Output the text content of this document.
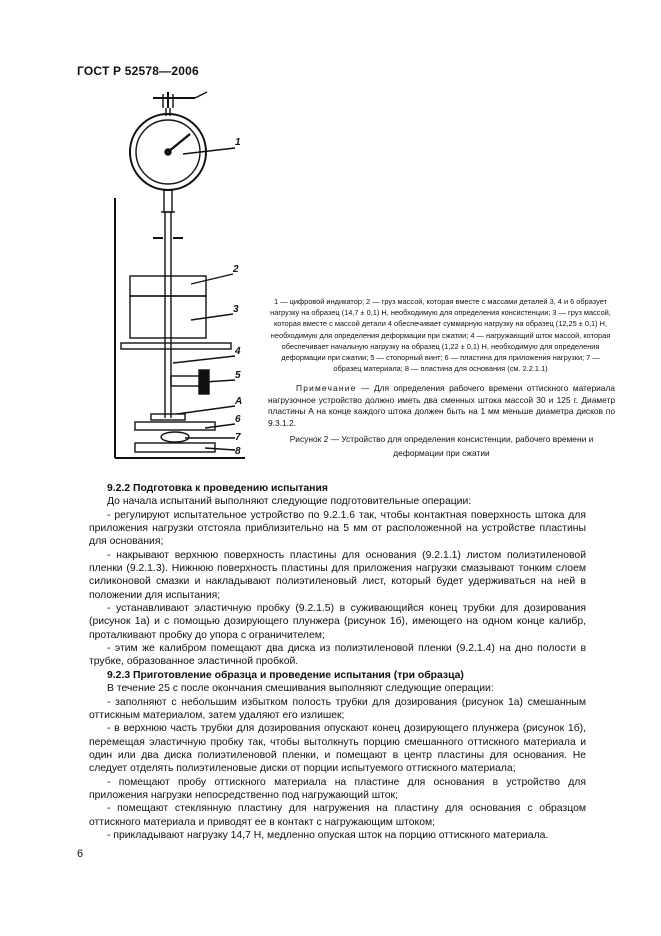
ГОСТ Р 52578—2006
1
2
3
4
5
А
6
7
8
1 — цифровой индикатор; 2 — груз массой, которая вместе с массами деталей 3, 4 и 6 образует нагрузку на образец (14,7 ± 0,1) Н, необходимую для определения консистенции; 3 — груз массой, которая вместе с массой детали 4 обеспечивает суммарную нагрузку на образец (12,25 ± 0,1) Н, необходимую для определения деформации при сжатии; 4 — нагружающий шток массой, которая обеспечивает начальную нагрузку на образец (1,22 ± 0,1) Н, необходимую для определения деформации при сжатии; 5 — стопорный винт; 6 — пластина для приложения нагрузки; 7 — образец материала; 8 — пластина для основания (см. 2.2.1.1)
Примечание — Для определения рабочего времени оттискного материала нагрузочное устройство должно иметь два сменных штока массой 30 и 125 г. Диаметр пластины А на конце каждого штока должен быть на 1 мм меньше диаметра дисков по 9.3.1.2.
Рисунок 2 — Устройство для определения консистенции, рабочего времени и деформации при сжатии

9.2.2 Подготовка к проведению испытания

До начала испытаний выполняют следующие подготовительные операции:

- регулируют испытательное устройство по 9.2.1.6 так, чтобы контактная поверхность штока для приложения нагрузки отстояла приблизительно на 5 мм от расположенной на устройстве пластины для основания;

- накрывают верхнюю поверхность пластины для основания (9.2.1.1) листом полиэтиленовой пленки (9.2.1.3). Нижнюю поверхность пластины для приложения нагрузки смазывают тонким слоем силиконовой смазки и накладывают полиэтиленовый лист, который будет удерживаться на ней в положении для испытания;

- устанавливают эластичную пробку (9.2.1.5) в суживающийся конец трубки для дозирования (рисунок 1а) и с помощью дозирующего плунжера (рисунок 1б), имеющего на одном конце калибр, проталкивают пробку до упора с ограничителем;

- этим же калибром помещают два диска из полиэтиленовой пленки (9.2.1.4) на дно полости в трубке, образованное эластичной пробкой.

9.2.3 Приготовление образца и проведение испытания (три образца)

В течение 25 с после окончания смешивания выполняют следующие операции:

- заполняют с небольшим избытком полость трубки для дозирования (рисунок 1а) смешанным оттискным материалом, затем удаляют его излишек;

- в верхнюю часть трубки для дозирования опускают конец дозирующего плунжера (рисунок 1б), перемещая эластичную пробку так, чтобы вытолкнуть порцию смешанного оттискного материала и один или два диска полиэтиленовой пленки, и помещают в центр пластины для основания. Не следует отделять полиэтиленовые диски от порции испытуемого оттискного материала;

- помещают пробу оттискного материала на пластине для основания в устройство для приложения нагрузки непосредственно под нагружающий шток;

- помещают стеклянную пластину для нагружения на пластину для основания с образцом оттискного материала и приводят ее в контакт с нагружающим штоком;

- прикладывают нагрузку 14,7 Н, медленно опуская шток на порцию оттискного материала.

6
